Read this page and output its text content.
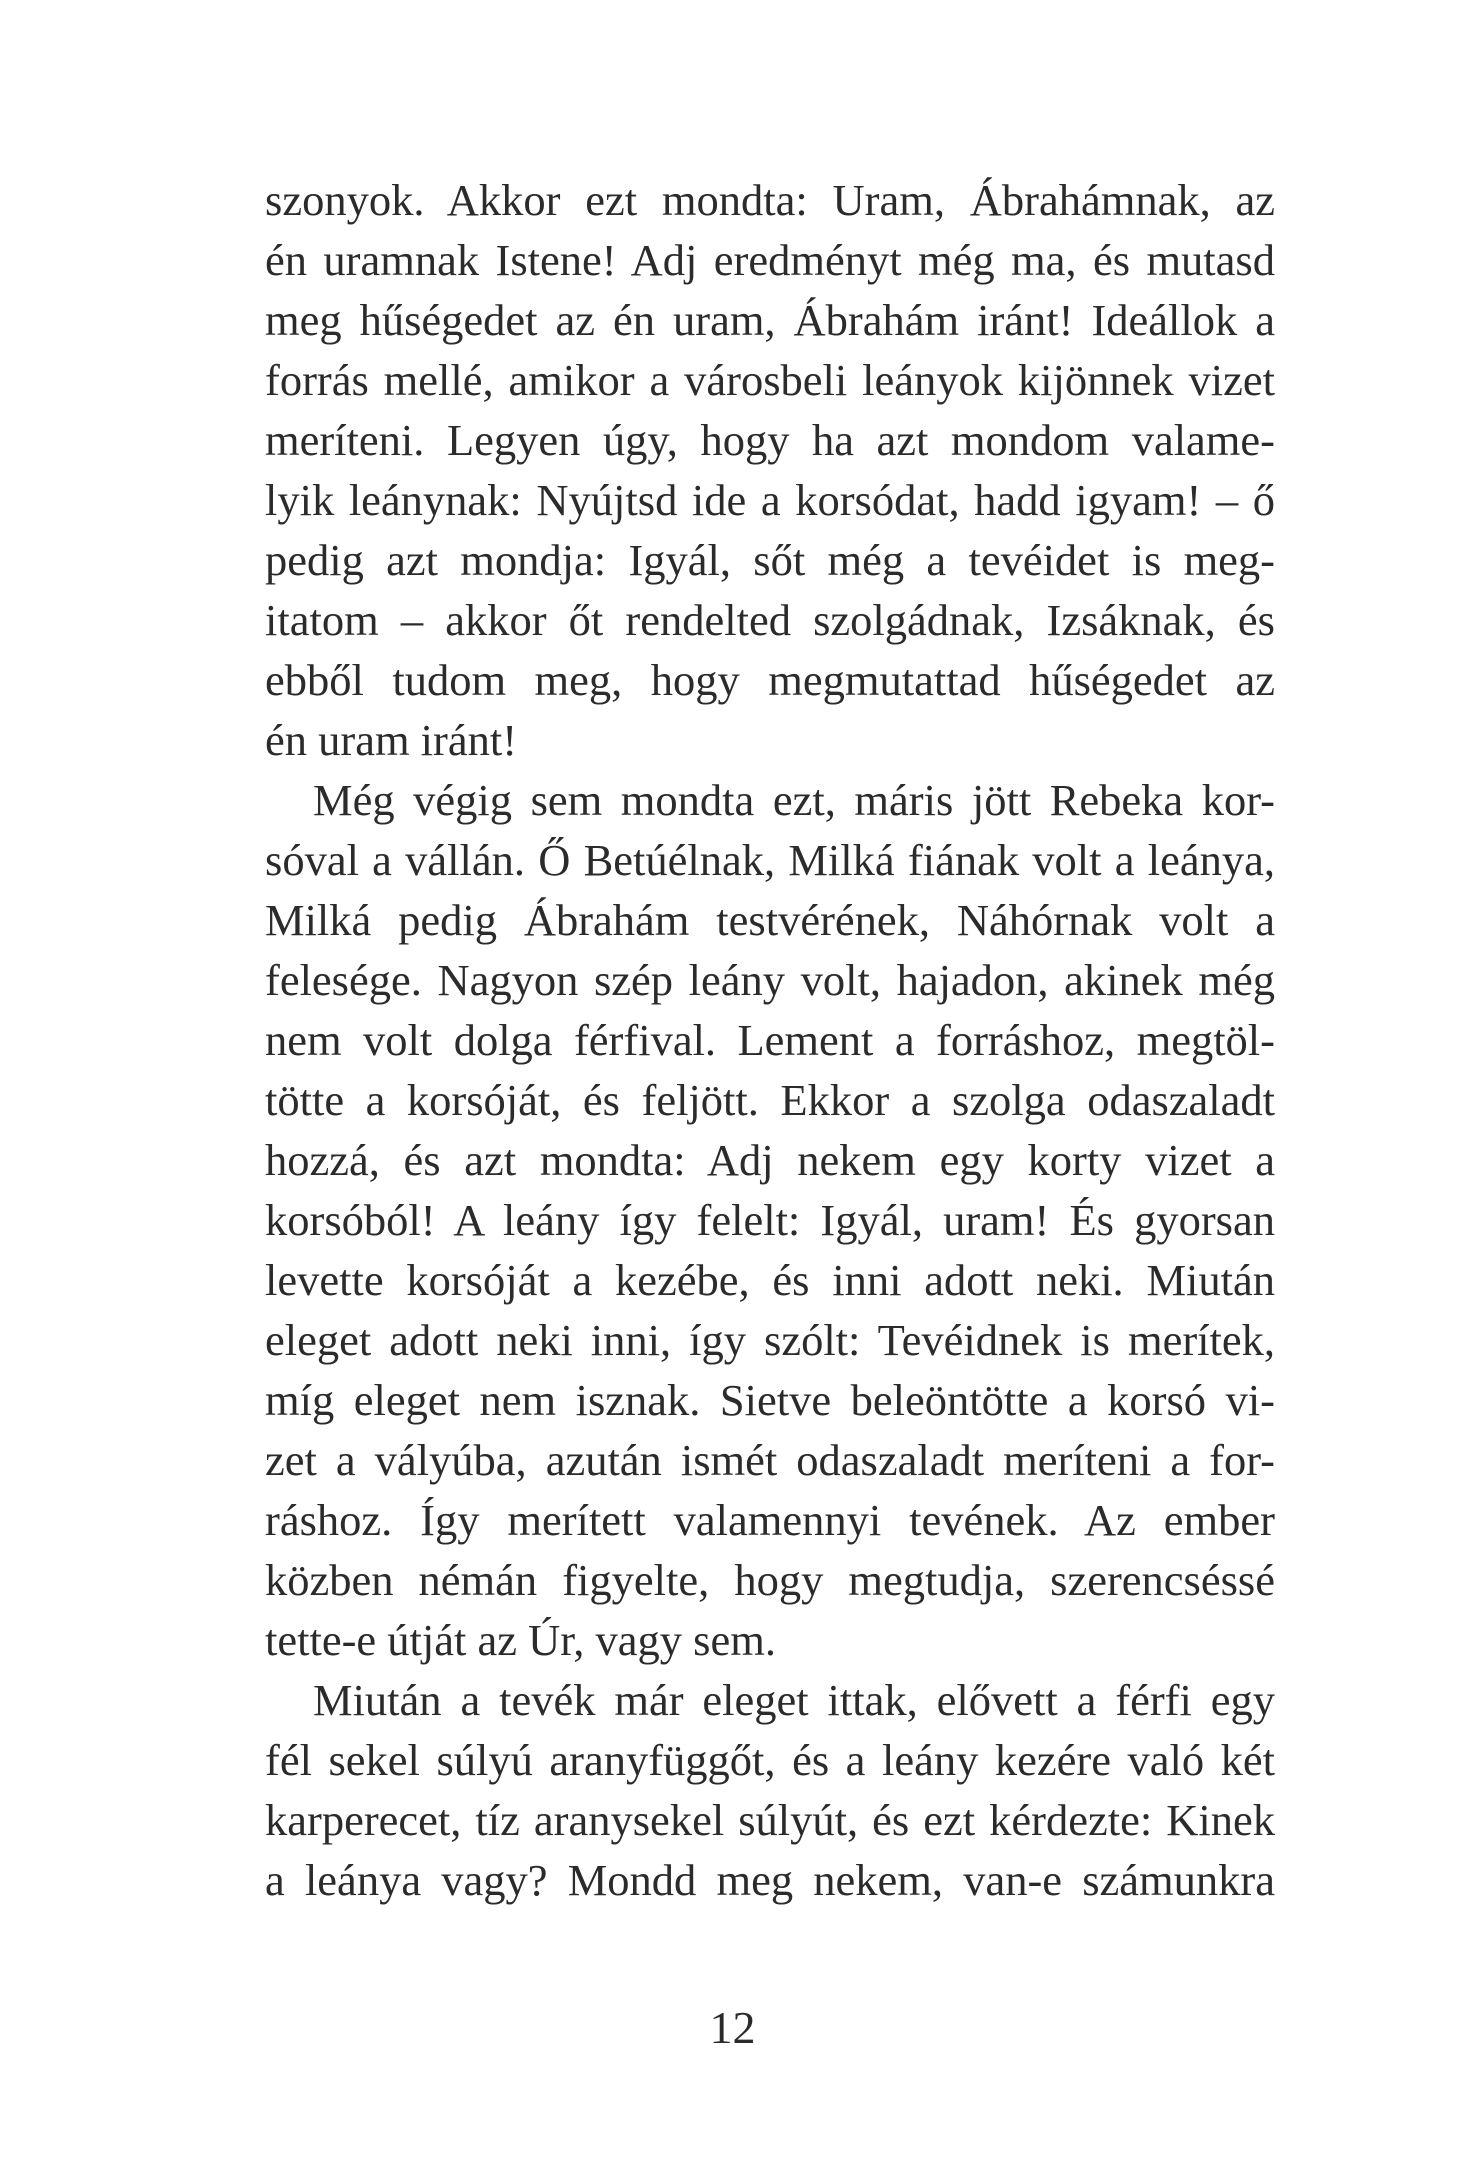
szonyok. Akkor ezt mondta: Uram, Ábrahámnak, az
én uramnak Istene! Adj eredményt még ma, és mutasd
meg hűségedet az én uram, Ábrahám iránt! Ideállok a
forrás mellé, amikor a városbeli leányok kijönnek vizet
meríteni. Legyen úgy, hogy ha azt mondom valame-
lyik leánynak: Nyújtsd ide a korsódat, hadd igyam! – ő
pedig azt mondja: Igyál, sőt még a tevéidet is meg-
itatom – akkor őt rendelted szolgádnak, Izsáknak, és
ebből tudom meg, hogy megmutattad hűségedet az
én uram iránt!
Még végig sem mondta ezt, máris jött Rebeka kor-
sóval a vállán. Ő Betúélnak, Milká fiának volt a leánya,
Milká pedig Ábrahám testvérének, Náhórnak volt a
felesége. Nagyon szép leány volt, hajadon, akinek még
nem volt dolga férfival. Lement a forráshoz, megtöl-
tötte a korsóját, és feljött. Ekkor a szolga odaszaladt
hozzá, és azt mondta: Adj nekem egy korty vizet a
korsóból! A leány így felelt: Igyál, uram! És gyorsan
levette korsóját a kezébe, és inni adott neki. Miután
eleget adott neki inni, így szólt: Tevéidnek is merítek,
míg eleget nem isznak. Sietve beleöntötte a korsó vi-
zet a vályúba, azután ismét odaszaladt meríteni a for-
ráshoz. Így merített valamennyi tevének. Az ember
közben némán figyelte, hogy megtudja, szerencséssé
tette-e útját az Úr, vagy sem.
Miután a tevék már eleget ittak, elővett a férfi egy
fél sekel súlyú aranyfüggőt, és a leány kezére való két
karperecet, tíz aranysekel súlyút, és ezt kérdezte: Kinek
a leánya vagy? Mondd meg nekem, van-e számunkra
12
